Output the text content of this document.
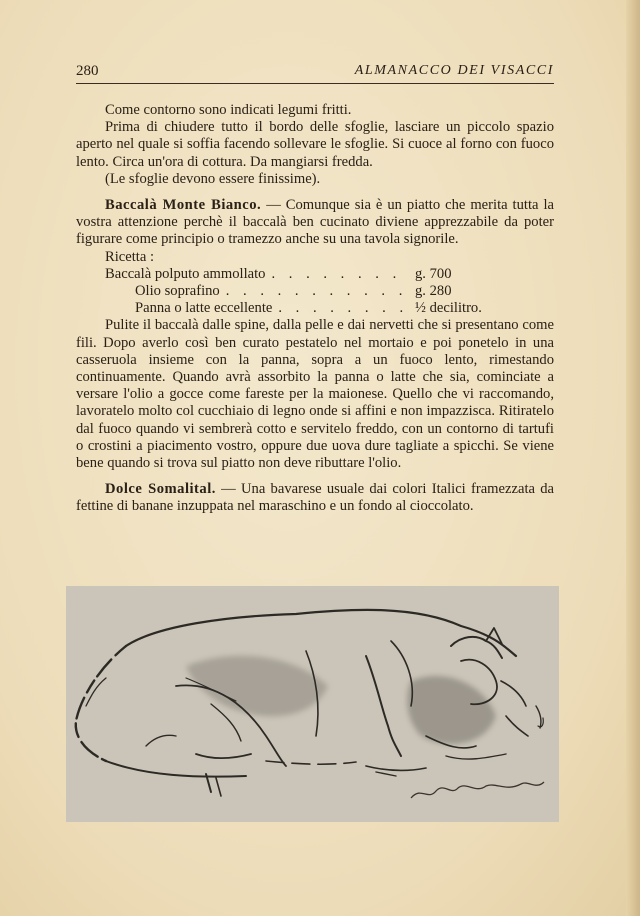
280	ALMANACCO DEI VISACCI

Come contorno sono indicati legumi fritti.

Prima di chiudere tutto il bordo delle sfoglie, lasciare un piccolo spazio aperto nel quale si soffia facendo sollevare le sfoglie. Si cuoce al forno con fuoco lento. Circa un'ora di cottura. Da mangiarsi fredda.

(Le sfoglie devono essere finissime).

Baccalà Monte Bianco. — Comunque sia è un piatto che merita tutta la vostra attenzione perchè il baccalà ben cucinato diviene apprezzabile da poter figurare come principio o tramezzo anche su una tavola signorile.

Ricetta :

Baccalà polputo ammollato . . .	g. 700
Olio soprafino . . .	g. 280
Panna o latte eccellente . . .	½ decilitro.

Pulite il baccalà dalle spine, dalla pelle e dai nervetti che si presentano come fili. Dopo averlo così ben curato pestatelo nel mortaio e poi ponetelo in una casseruola insieme con la panna, sopra a un fuoco lento, rimestando continuamente. Quando avrà assorbito la panna o latte che sia, cominciate a versare l'olio a gocce come fareste per la maionese. Quello che vi raccomando, lavoratelo molto col cucchiaio di legno onde si affini e non impazzisca. Ritiratelo dal fuoco quando vi sembrerà cotto e servitelo freddo, con un contorno di tartufi o crostini a piacimento vostro, oppure due uova dure tagliate a spicchi. Se viene bene quando si trova sul piatto non deve ributtare l'olio.

Dolce Somalital. — Una bavarese usuale dai colori Italici framezzata da fettine di banane inzuppata nel maraschino e un fondo al cioccolato.
